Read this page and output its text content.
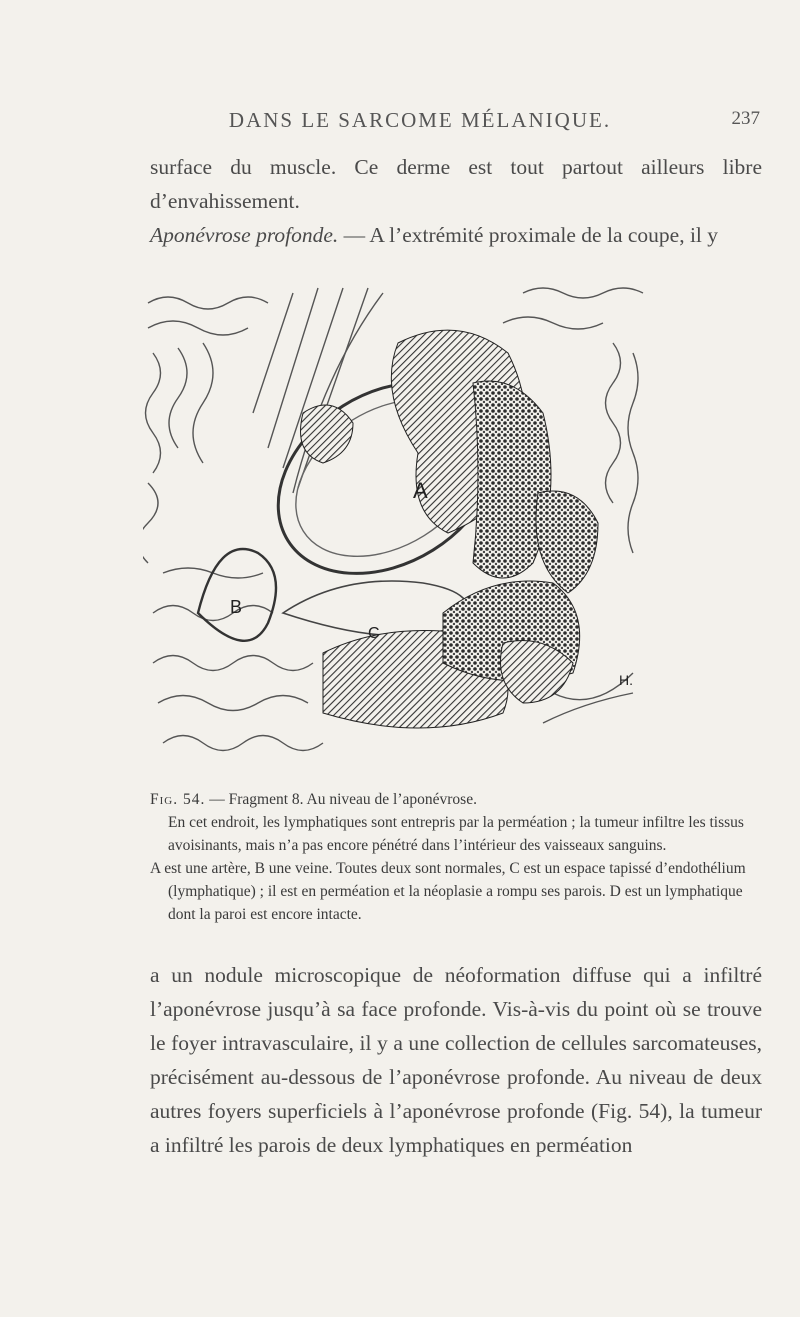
DANS LE SARCOME MÉLANIQUE.	237

surface du muscle. Ce derme est tout partout ailleurs libre d’envahissement.

Aponévrose profonde. — A l’extrémité proximale de la coupe, il y

A
B
C
H.

Fig. 54. — Fragment 8. Au niveau de l’aponévrose.

En cet endroit, les lymphatiques sont entrepris par la perméation ; la tumeur infiltre les tissus avoisinants, mais n’a pas encore pénétré dans l’intérieur des vaisseaux sanguins.

A est une artère, B une veine. Toutes deux sont normales, C est un espace tapissé d’endothélium (lymphatique) ; il est en perméation et la néoplasie a rompu ses parois. D est un lymphatique dont la paroi est encore intacte.

a un nodule microscopique de néoformation diffuse qui a infiltré l’aponévrose jusqu’à sa face profonde. Vis-à-vis du point où se trouve le foyer intravasculaire, il y a une collection de cellules sarcomateuses, précisément au-dessous de l’aponévrose profonde. Au niveau de deux autres foyers superficiels à l’aponévrose profonde (Fig. 54), la tumeur a infiltré les parois de deux lymphatiques en perméation
